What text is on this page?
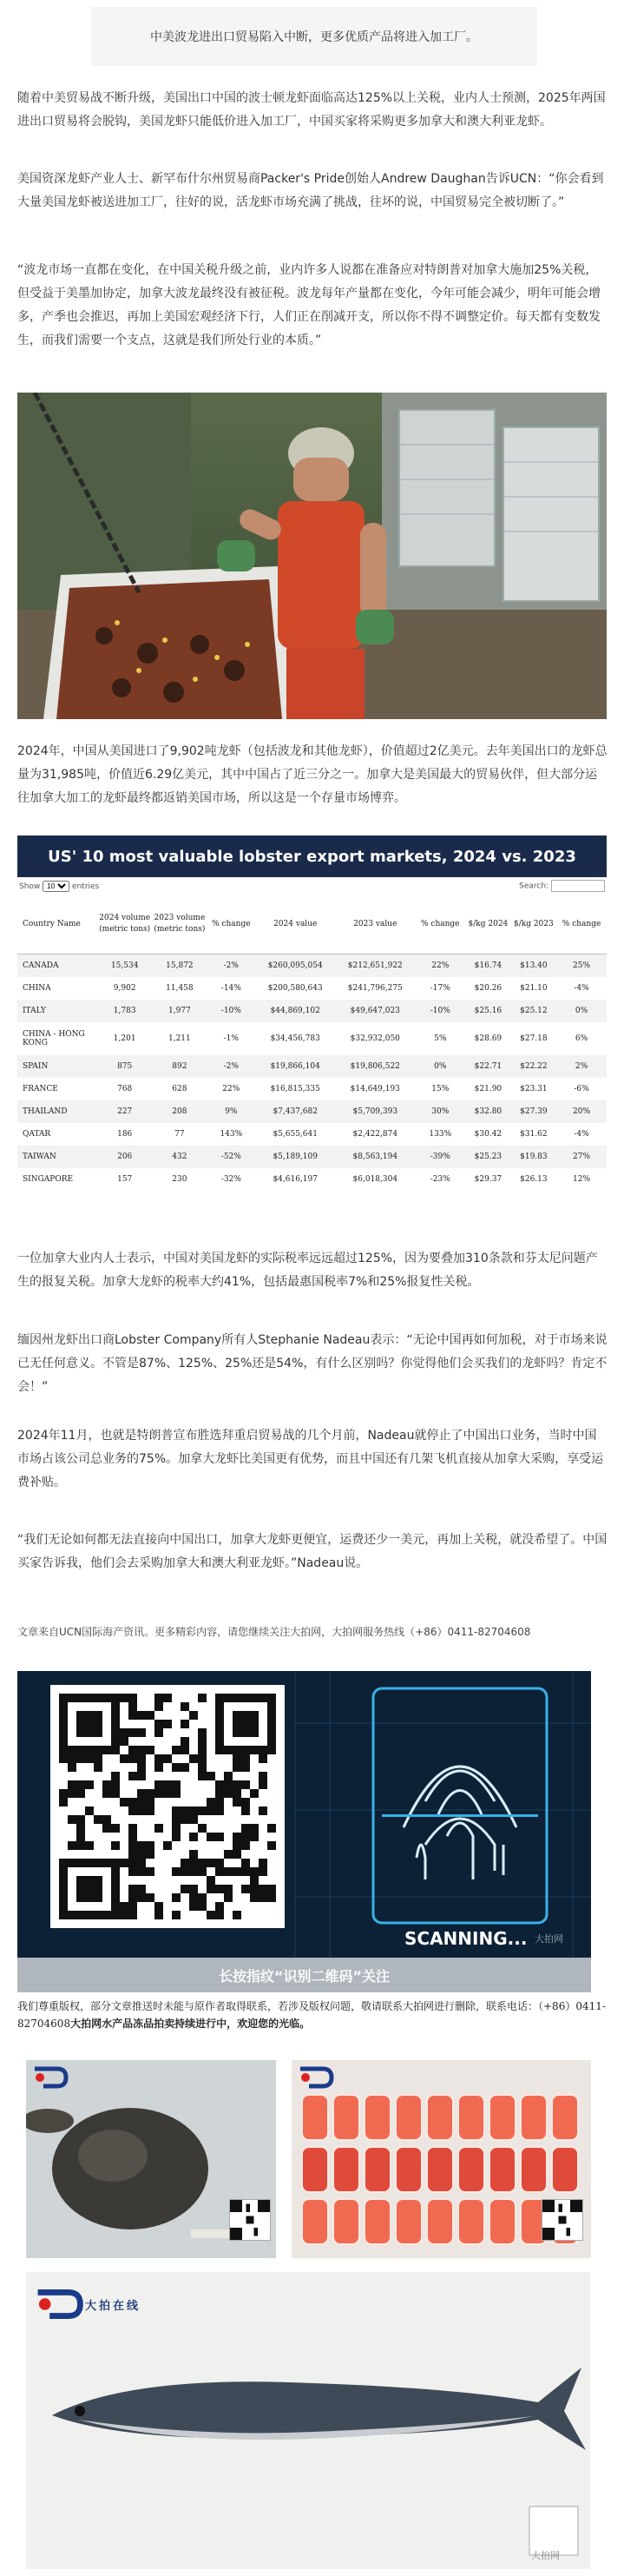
中美波龙进出口贸易陷入中断，更多优质产品将进入加工厂。

随着中美贸易战不断升级，美国出口中国的波士顿龙虾面临高达125%以上关税，业内人士预测，2025年两国进出口贸易将会脱钩，美国龙虾只能低价进入加工厂，中国买家将采购更多加拿大和澳大利亚龙虾。

美国资深龙虾产业人士、新罕布什尔州贸易商Packer's Pride创始人Andrew Daughan告诉UCN：“你会看到大量美国龙虾被送进加工厂，往好的说，活龙虾市场充满了挑战，往坏的说，中国贸易完全被切断了。”

“波龙市场一直都在变化，在中国关税升级之前，业内许多人说都在准备应对特朗普对加拿大施加25%关税，但受益于美墨加协定，加拿大波龙最终没有被征税。波龙每年产量都在变化，今年可能会减少，明年可能会增多，产季也会推迟，再加上美国宏观经济下行，人们正在削减开支，所以你不得不调整定价。每天都有变数发生，而我们需要一个支点，这就是我们所处行业的本质。”

2024年，中国从美国进口了9,902吨龙虾（包括波龙和其他龙虾），价值超过2亿美元。去年美国出口的龙虾总量为31,985吨，价值近6.29亿美元，其中中国占了近三分之一。加拿大是美国最大的贸易伙伴，但大部分运往加拿大加工的龙虾最终都返销美国市场，所以这是一个存量市场博弈。

US' 10 most valuable lobster export markets, 2024 vs. 2023
Show
10	entries	Search:
Country Name	2024 volume (metric tons)	2023 volume (metric tons)	% change	2024 value	2023 value	% change	$/kg 2024	$/kg 2023	% change
CANADA	15,534	15,872	-2%	$260,095,054	$212,651,922	22%	$16.74	$13.40	25%
CHINA	9,902	11,458	-14%	$200,580,643	$241,796,275	-17%	$20.26	$21.10	-4%
ITALY	1,783	1,977	-10%	$44,869,102	$49,647,023	-10%	$25.16	$25.12	0%
CHINA - HONG KONG	1,201	1,211	-1%	$34,456,783	$32,932,050	5%	$28.69	$27.18	6%
SPAIN	875	892	-2%	$19,866,104	$19,806,522	0%	$22.71	$22.22	2%
FRANCE	768	628	22%	$16,815,335	$14,649,193	15%	$21.90	$23.31	-6%
THAILAND	227	208	9%	$7,437,682	$5,709,393	30%	$32.80	$27.39	20%
QATAR	186	77	143%	$5,655,641	$2,422,874	133%	$30.42	$31.62	-4%
TAIWAN	206	432	-52%	$5,189,109	$8,563,194	-39%	$25.23	$19.83	27%
SINGAPORE	157	230	-32%	$4,616,197	$6,018,304	-23%	$29.37	$26.13	12%

一位加拿大业内人士表示，中国对美国龙虾的实际税率远远超过125%，因为要叠加310条款和芬太尼问题产生的报复关税。加拿大龙虾的税率大约41%，包括最惠国税率7%和25%报复性关税。

缅因州龙虾出口商Lobster Company所有人Stephanie Nadeau表示：“无论中国再如何加税，对于市场来说已无任何意义。不管是87%、125%、25%还是54%，有什么区别吗？你觉得他们会买我们的龙虾吗？肯定不会！”

2024年11月，也就是特朗普宣布胜选拜重启贸易战的几个月前，Nadeau就停止了中国出口业务，当时中国市场占该公司总业务的75%。加拿大龙虾比美国更有优势，而且中国还有几架飞机直接从加拿大采购，享受运费补贴。

“我们无论如何都无法直接向中国出口，加拿大龙虾更便宜，运费还少一美元，再加上关税，就没希望了。中国买家告诉我，他们会去采购加拿大和澳大利亚龙虾。”Nadeau说。

文章来自UCN国际海产资讯。更多精彩内容，请您继续关注大拍网，大拍网服务热线（+86）0411-82704608
SCANNING... 大拍网
长按指纹“识别二维码”关注
我们尊重版权，部分文章推送时未能与原作者取得联系，若涉及版权问题，敬请联系大拍网进行删除，联系电话：（+86）0411-82704608大拍网水产品冻品拍卖持续进行中，欢迎您的光临。
大拍在线
大拍网
